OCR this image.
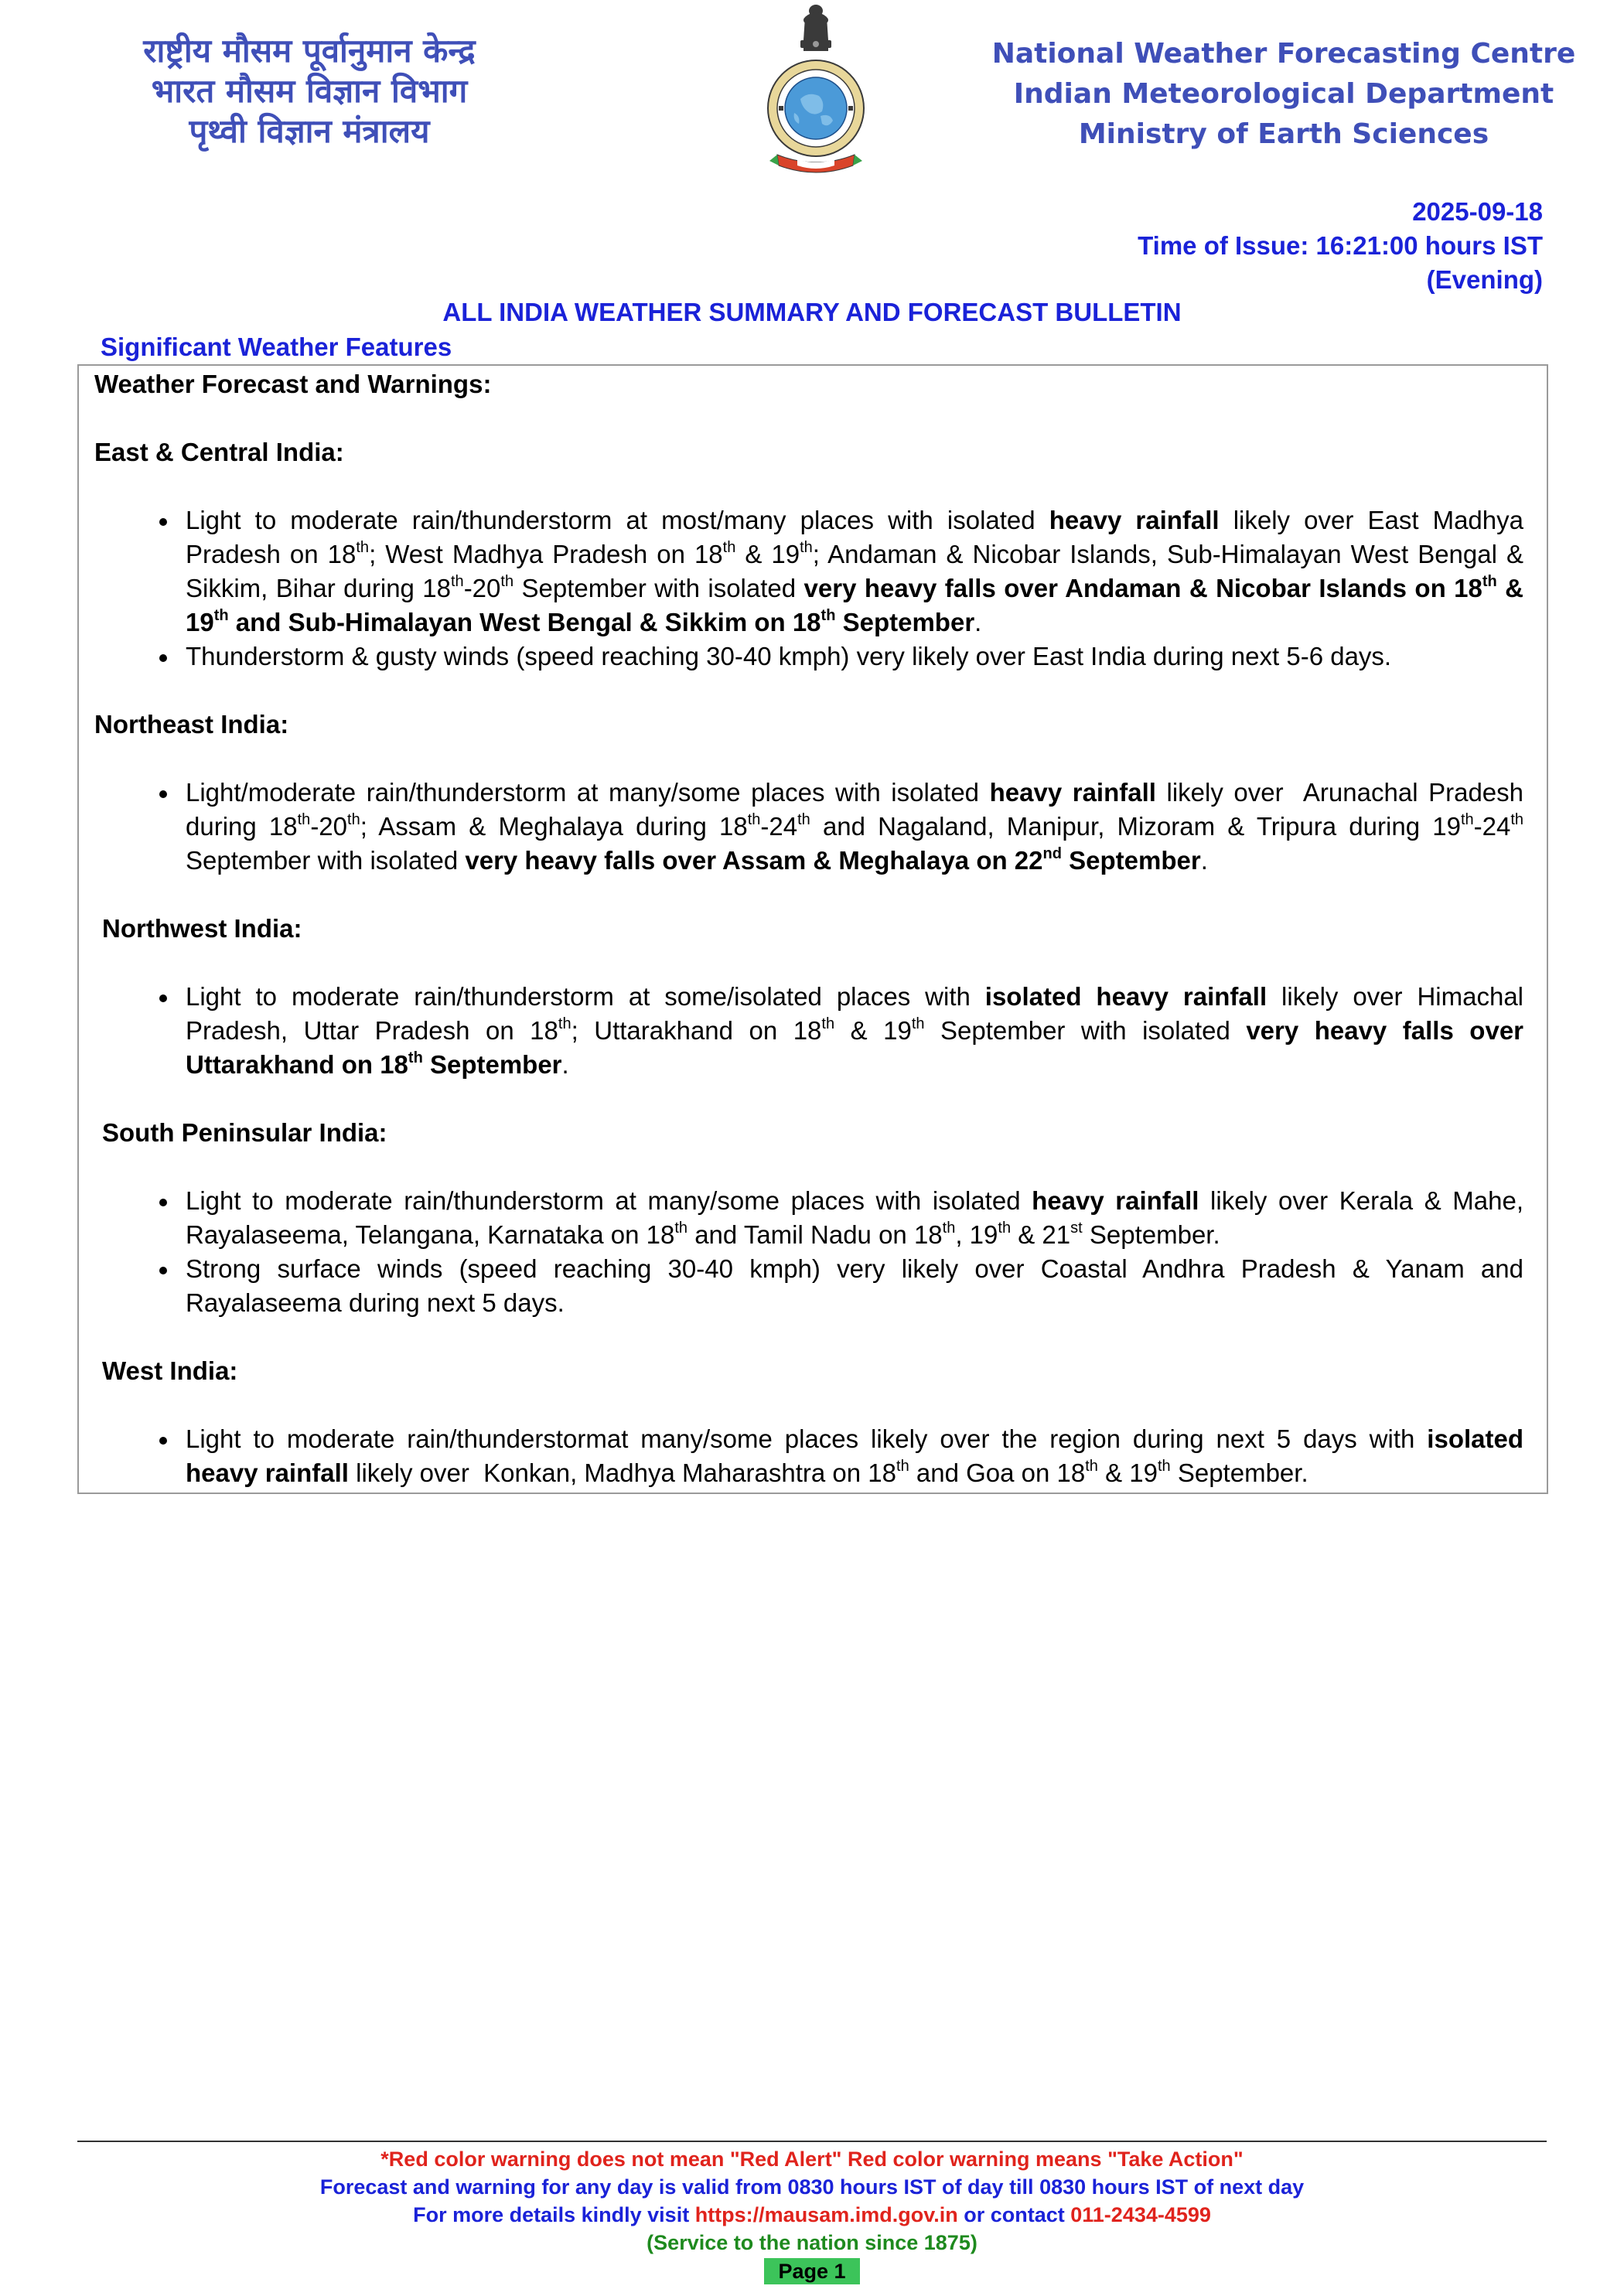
राष्ट्रीय मौसम पूर्वानुमान केन्द्र
भारत मौसम विज्ञान विभाग
पृथ्वी विज्ञान मंत्रालय
National Weather Forecasting Centre
Indian Meteorological Department
Ministry of Earth Sciences
2025-09-18
Time of Issue: 16:21:00 hours IST
(Evening)
ALL INDIA WEATHER SUMMARY AND FORECAST BULLETIN
Significant Weather Features
Weather Forecast and Warnings:
East & Central India:
Light to moderate rain/thunderstorm at most/many places with isolated heavy rainfall likely over East Madhya Pradesh on 18th; West Madhya Pradesh on 18th & 19th; Andaman & Nicobar Islands, Sub-Himalayan West Bengal & Sikkim, Bihar during 18th-20th September with isolated very heavy falls over Andaman & Nicobar Islands on 18th & 19th and Sub-Himalayan West Bengal & Sikkim on 18th September.
Thunderstorm & gusty winds (speed reaching 30-40 kmph) very likely over East India during next 5-6 days.
Northeast India:
Light/moderate rain/thunderstorm at many/some places with isolated heavy rainfall likely over  Arunachal Pradesh during 18th-20th; Assam & Meghalaya during 18th-24th and Nagaland, Manipur, Mizoram & Tripura during 19th-24th September with isolated very heavy falls over Assam & Meghalaya on 22nd September.
Northwest India:
Light to moderate rain/thunderstorm at some/isolated places with isolated heavy rainfall likely over Himachal Pradesh, Uttar Pradesh on 18th; Uttarakhand on 18th & 19th September with isolated very heavy falls over Uttarakhand on 18th September.
South Peninsular India:
Light to moderate rain/thunderstorm at many/some places with isolated heavy rainfall likely over Kerala & Mahe, Rayalaseema, Telangana, Karnataka on 18th and Tamil Nadu on 18th, 19th & 21st September.
Strong surface winds (speed reaching 30-40 kmph) very likely over Coastal Andhra Pradesh & Yanam and Rayalaseema during next 5 days.
West India:
Light to moderate rain/thunderstormat many/some places likely over the region during next 5 days with isolated heavy rainfall likely over  Konkan, Madhya Maharashtra on 18th and Goa on 18th & 19th September.
*Red color warning does not mean "Red Alert" Red color warning means "Take Action"
Forecast and warning for any day is valid from 0830 hours IST of day till 0830 hours IST of next day
For more details kindly visit https://mausam.imd.gov.in or contact 011-2434-4599
(Service to the nation since 1875)
Page 1
